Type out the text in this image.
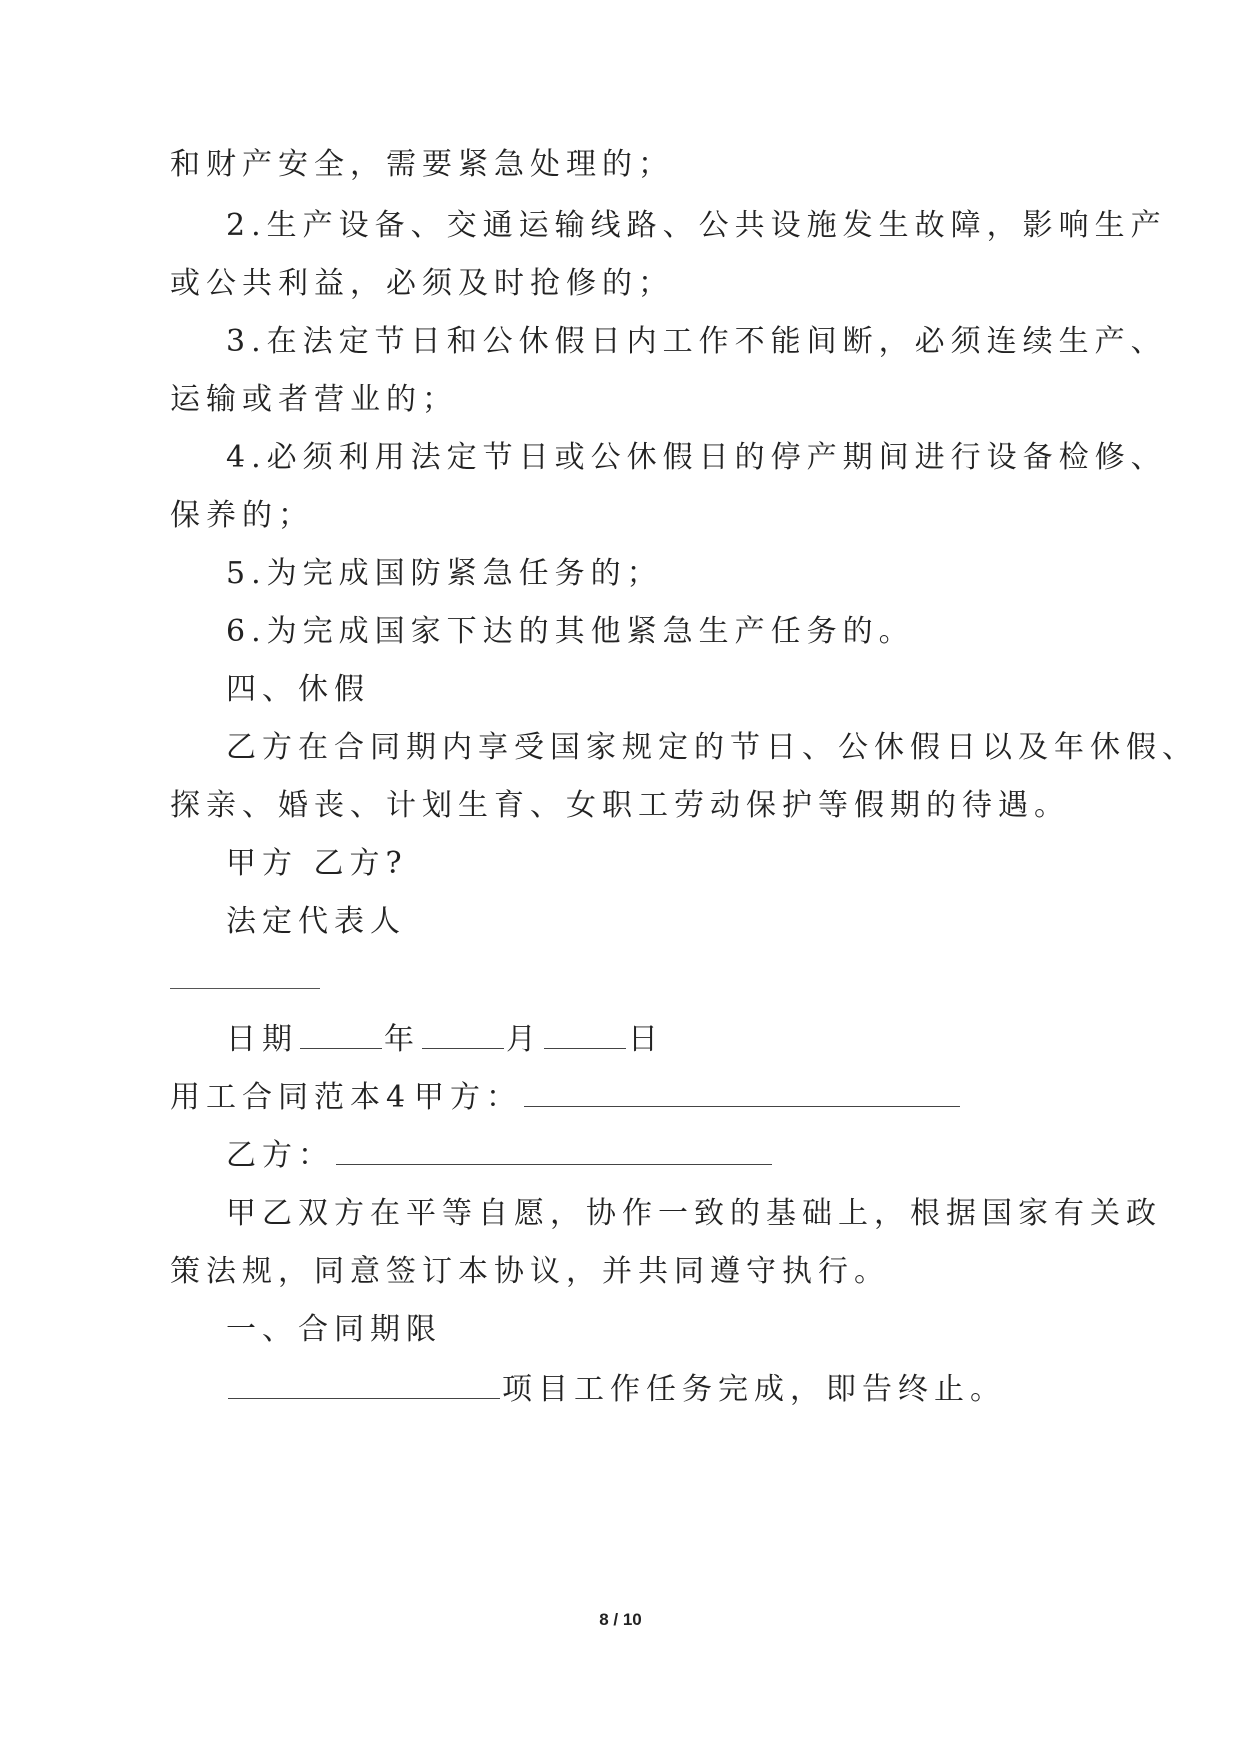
和财产安全，需要紧急处理的；
2.生产设备、交通运输线路、公共设施发生故障，影响生产
或公共利益，必须及时抢修的；
3.在法定节日和公休假日内工作不能间断，必须连续生产、
运输或者营业的；
4.必须利用法定节日或公休假日的停产期间进行设备检修、
保养的；
5.为完成国防紧急任务的；
6.为完成国家下达的其他紧急生产任务的。
四、休假
乙方在合同期内享受国家规定的节日、公休假日以及年休假、
探亲、婚丧、计划生育、女职工劳动保护等假期的待遇。
甲方 乙方?
法定代表人
日期	年	月	日
用工合同范本4 甲方：
乙方：
甲乙双方在平等自愿，协作一致的基础上，根据国家有关政
策法规，同意签订本协议，并共同遵守执行。
一、合同期限
项目工作任务完成，即告终止。
8 / 10
